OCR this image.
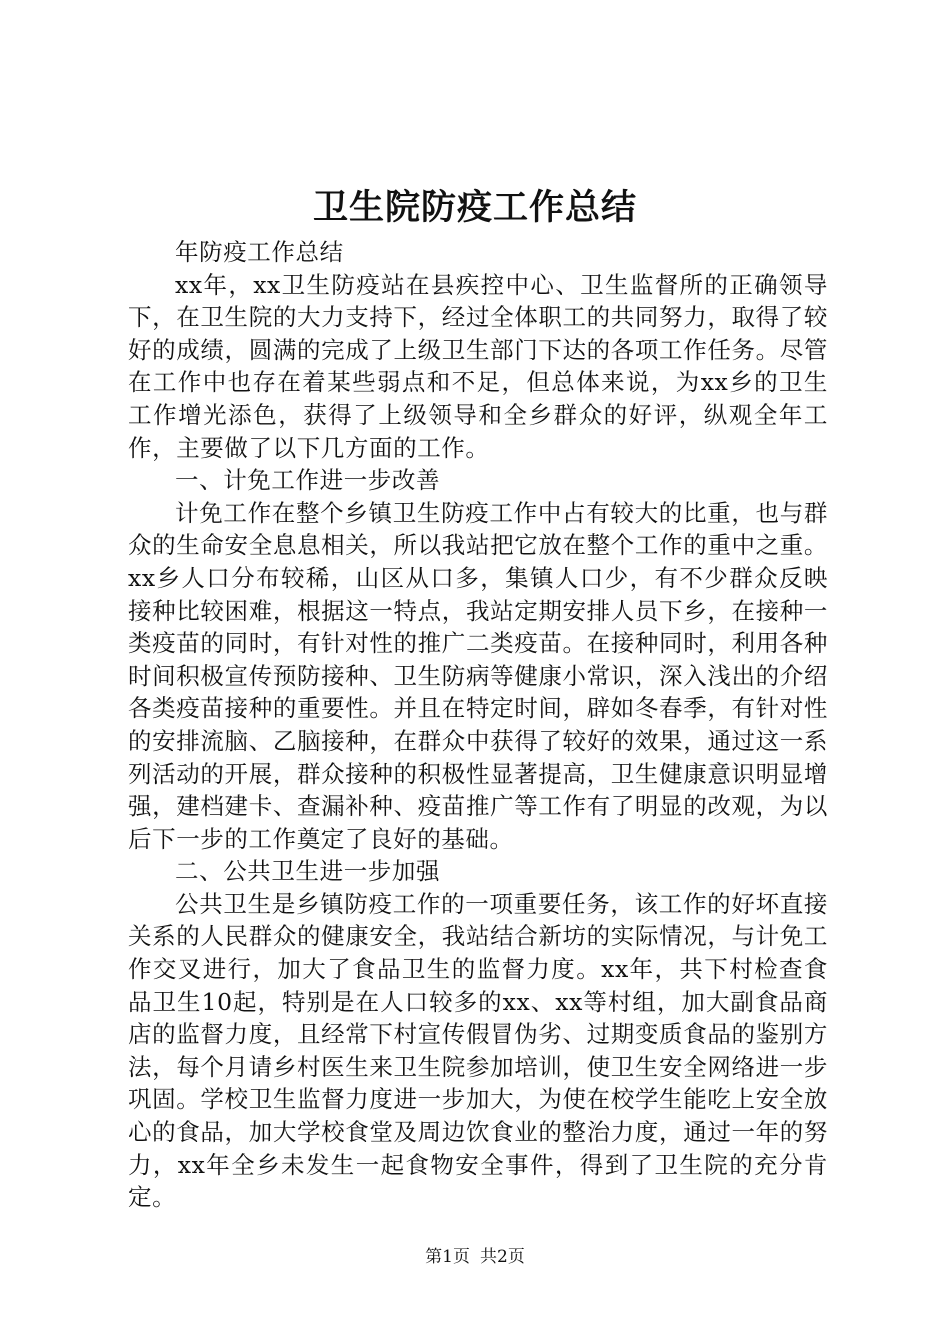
卫生院防疫工作总结

年防疫工作总结

xx年，xx卫生防疫站在县疾控中心、卫生监督所的正确领导下，在卫生院的大力支持下，经过全体职工的共同努力，取得了较好的成绩，圆满的完成了上级卫生部门下达的各项工作任务。尽管在工作中也存在着某些弱点和不足，但总体来说，为xx乡的卫生工作增光添色，获得了上级领导和全乡群众的好评，纵观全年工作，主要做了以下几方面的工作。

一、计免工作进一步改善

计免工作在整个乡镇卫生防疫工作中占有较大的比重，也与群众的生命安全息息相关，所以我站把它放在整个工作的重中之重。xx乡人口分布较稀，山区从口多，集镇人口少，有不少群众反映接种比较困难，根据这一特点，我站定期安排人员下乡，在接种一类疫苗的同时，有针对性的推广二类疫苗。在接种同时，利用各种时间积极宣传预防接种、卫生防病等健康小常识，深入浅出的介绍各类疫苗接种的重要性。并且在特定时间，辟如冬春季，有针对性的安排流脑、乙脑接种，在群众中获得了较好的效果，通过这一系列活动的开展，群众接种的积极性显著提高，卫生健康意识明显增强，建档建卡、查漏补种、疫苗推广等工作有了明显的改观，为以后下一步的工作奠定了良好的基础。

二、公共卫生进一步加强

公共卫生是乡镇防疫工作的一项重要任务，该工作的好坏直接关系的人民群众的健康安全，我站结合新坊的实际情况，与计免工作交叉进行，加大了食品卫生的监督力度。xx年，共下村检查食品卫生10起，特别是在人口较多的xx、xx等村组，加大副食品商店的监督力度，且经常下村宣传假冒伪劣、过期变质食品的鉴别方法，每个月请乡村医生来卫生院参加培训，使卫生安全网络进一步巩固。学校卫生监督力度进一步加大，为使在校学生能吃上安全放心的食品，加大学校食堂及周边饮食业的整治力度，通过一年的努力，xx年全乡未发生一起食物安全事件，得到了卫生院的充分肯定。

第1页 共2页
